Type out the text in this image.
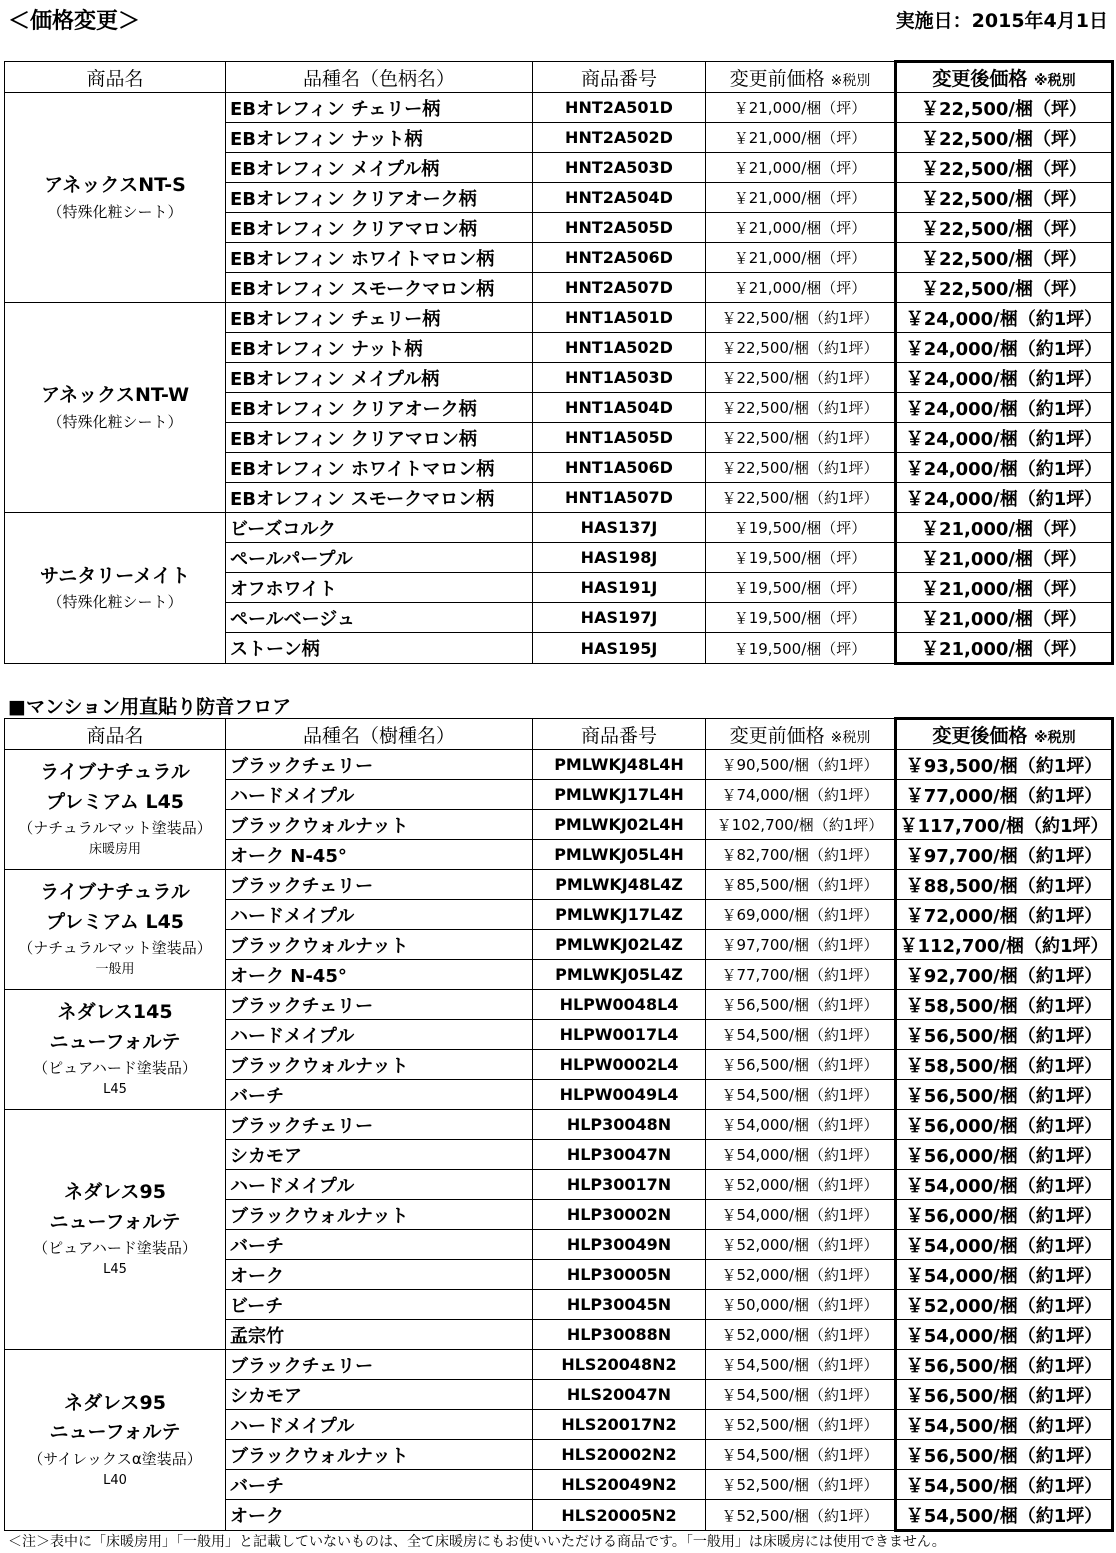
＜価格変更＞	実施日：2015年4月1日
商品名	品種名（色柄名）	商品番号	変更前価格 ※税別	変更後価格 ※税別

アネックスNT-S
（特殊化粧シート）	EBオレフィン チェリー柄	HNT2A501D	￥21,000/梱（坪）	￥22,500/梱（坪）
	EBオレフィン ナット柄	HNT2A502D	￥21,000/梱（坪）	￥22,500/梱（坪）
	EBオレフィン メイプル柄	HNT2A503D	￥21,000/梱（坪）	￥22,500/梱（坪）
	EBオレフィン クリアオーク柄	HNT2A504D	￥21,000/梱（坪）	￥22,500/梱（坪）
	EBオレフィン クリアマロン柄	HNT2A505D	￥21,000/梱（坪）	￥22,500/梱（坪）
	EBオレフィン ホワイトマロン柄	HNT2A506D	￥21,000/梱（坪）	￥22,500/梱（坪）
	EBオレフィン スモークマロン柄	HNT2A507D	￥21,000/梱（坪）	￥22,500/梱（坪）

アネックスNT-W
（特殊化粧シート）	EBオレフィン チェリー柄	HNT1A501D	￥22,500/梱（約1坪）	￥24,000/梱（約1坪）
	EBオレフィン ナット柄	HNT1A502D	￥22,500/梱（約1坪）	￥24,000/梱（約1坪）
	EBオレフィン メイプル柄	HNT1A503D	￥22,500/梱（約1坪）	￥24,000/梱（約1坪）
	EBオレフィン クリアオーク柄	HNT1A504D	￥22,500/梱（約1坪）	￥24,000/梱（約1坪）
	EBオレフィン クリアマロン柄	HNT1A505D	￥22,500/梱（約1坪）	￥24,000/梱（約1坪）
	EBオレフィン ホワイトマロン柄	HNT1A506D	￥22,500/梱（約1坪）	￥24,000/梱（約1坪）
	EBオレフィン スモークマロン柄	HNT1A507D	￥22,500/梱（約1坪）	￥24,000/梱（約1坪）

サニタリーメイト
（特殊化粧シート）	ビーズコルク	HAS137J	￥19,500/梱（坪）	￥21,000/梱（坪）
	ペールパープル	HAS198J	￥19,500/梱（坪）	￥21,000/梱（坪）
	オフホワイト	HAS191J	￥19,500/梱（坪）	￥21,000/梱（坪）
	ペールベージュ	HAS197J	￥19,500/梱（坪）	￥21,000/梱（坪）
	ストーン柄	HAS195J	￥19,500/梱（坪）	￥21,000/梱（坪）
■マンション用直貼り防音フロア
商品名	品種名（樹種名）	商品番号	変更前価格 ※税別	変更後価格 ※税別

ライブナチュラル
プレミアム L45
（ナチュラルマット塗装品）
床暖房用	ブラックチェリー	PMLWKJ48L4H	￥90,500/梱（約1坪）	￥93,500/梱（約1坪）
	ハードメイプル	PMLWKJ17L4H	￥74,000/梱（約1坪）	￥77,000/梱（約1坪）
	ブラックウォルナット	PMLWKJ02L4H	￥102,700/梱（約1坪）	￥117,700/梱（約1坪）
	オーク N-45°	PMLWKJ05L4H	￥82,700/梱（約1坪）	￥97,700/梱（約1坪）

ライブナチュラル
プレミアム L45
（ナチュラルマット塗装品）
一般用	ブラックチェリー	PMLWKJ48L4Z	￥85,500/梱（約1坪）	￥88,500/梱（約1坪）
	ハードメイプル	PMLWKJ17L4Z	￥69,000/梱（約1坪）	￥72,000/梱（約1坪）
	ブラックウォルナット	PMLWKJ02L4Z	￥97,700/梱（約1坪）	￥112,700/梱（約1坪）
	オーク N-45°	PMLWKJ05L4Z	￥77,700/梱（約1坪）	￥92,700/梱（約1坪）

ネダレス145
ニューフォルテ
（ピュアハード塗装品）
L45	ブラックチェリー	HLPW0048L4	￥56,500/梱（約1坪）	￥58,500/梱（約1坪）
	ハードメイプル	HLPW0017L4	￥54,500/梱（約1坪）	￥56,500/梱（約1坪）
	ブラックウォルナット	HLPW0002L4	￥56,500/梱（約1坪）	￥58,500/梱（約1坪）
	バーチ	HLPW0049L4	￥54,500/梱（約1坪）	￥56,500/梱（約1坪）

ネダレス95
ニューフォルテ
（ピュアハード塗装品）
L45	ブラックチェリー	HLP30048N	￥54,000/梱（約1坪）	￥56,000/梱（約1坪）
	シカモア	HLP30047N	￥54,000/梱（約1坪）	￥56,000/梱（約1坪）
	ハードメイプル	HLP30017N	￥52,000/梱（約1坪）	￥54,000/梱（約1坪）
	ブラックウォルナット	HLP30002N	￥54,000/梱（約1坪）	￥56,000/梱（約1坪）
	バーチ	HLP30049N	￥52,000/梱（約1坪）	￥54,000/梱（約1坪）
	オーク	HLP30005N	￥52,000/梱（約1坪）	￥54,000/梱（約1坪）
	ビーチ	HLP30045N	￥50,000/梱（約1坪）	￥52,000/梱（約1坪）
	孟宗竹	HLP30088N	￥52,000/梱（約1坪）	￥54,000/梱（約1坪）

ネダレス95
ニューフォルテ
（サイレックスα塗装品）
L40	ブラックチェリー	HLS20048N2	￥54,500/梱（約1坪）	￥56,500/梱（約1坪）
	シカモア	HLS20047N	￥54,500/梱（約1坪）	￥56,500/梱（約1坪）
	ハードメイプル	HLS20017N2	￥52,500/梱（約1坪）	￥54,500/梱（約1坪）
	ブラックウォルナット	HLS20002N2	￥54,500/梱（約1坪）	￥56,500/梱（約1坪）
	バーチ	HLS20049N2	￥52,500/梱（約1坪）	￥54,500/梱（約1坪）
	オーク	HLS20005N2	￥52,500/梱（約1坪）	￥54,500/梱（約1坪）
＜注＞表中に「床暖房用」「一般用」と記載していないものは、全て床暖房にもお使いいただける商品です。「一般用」は床暖房には使用できません。
